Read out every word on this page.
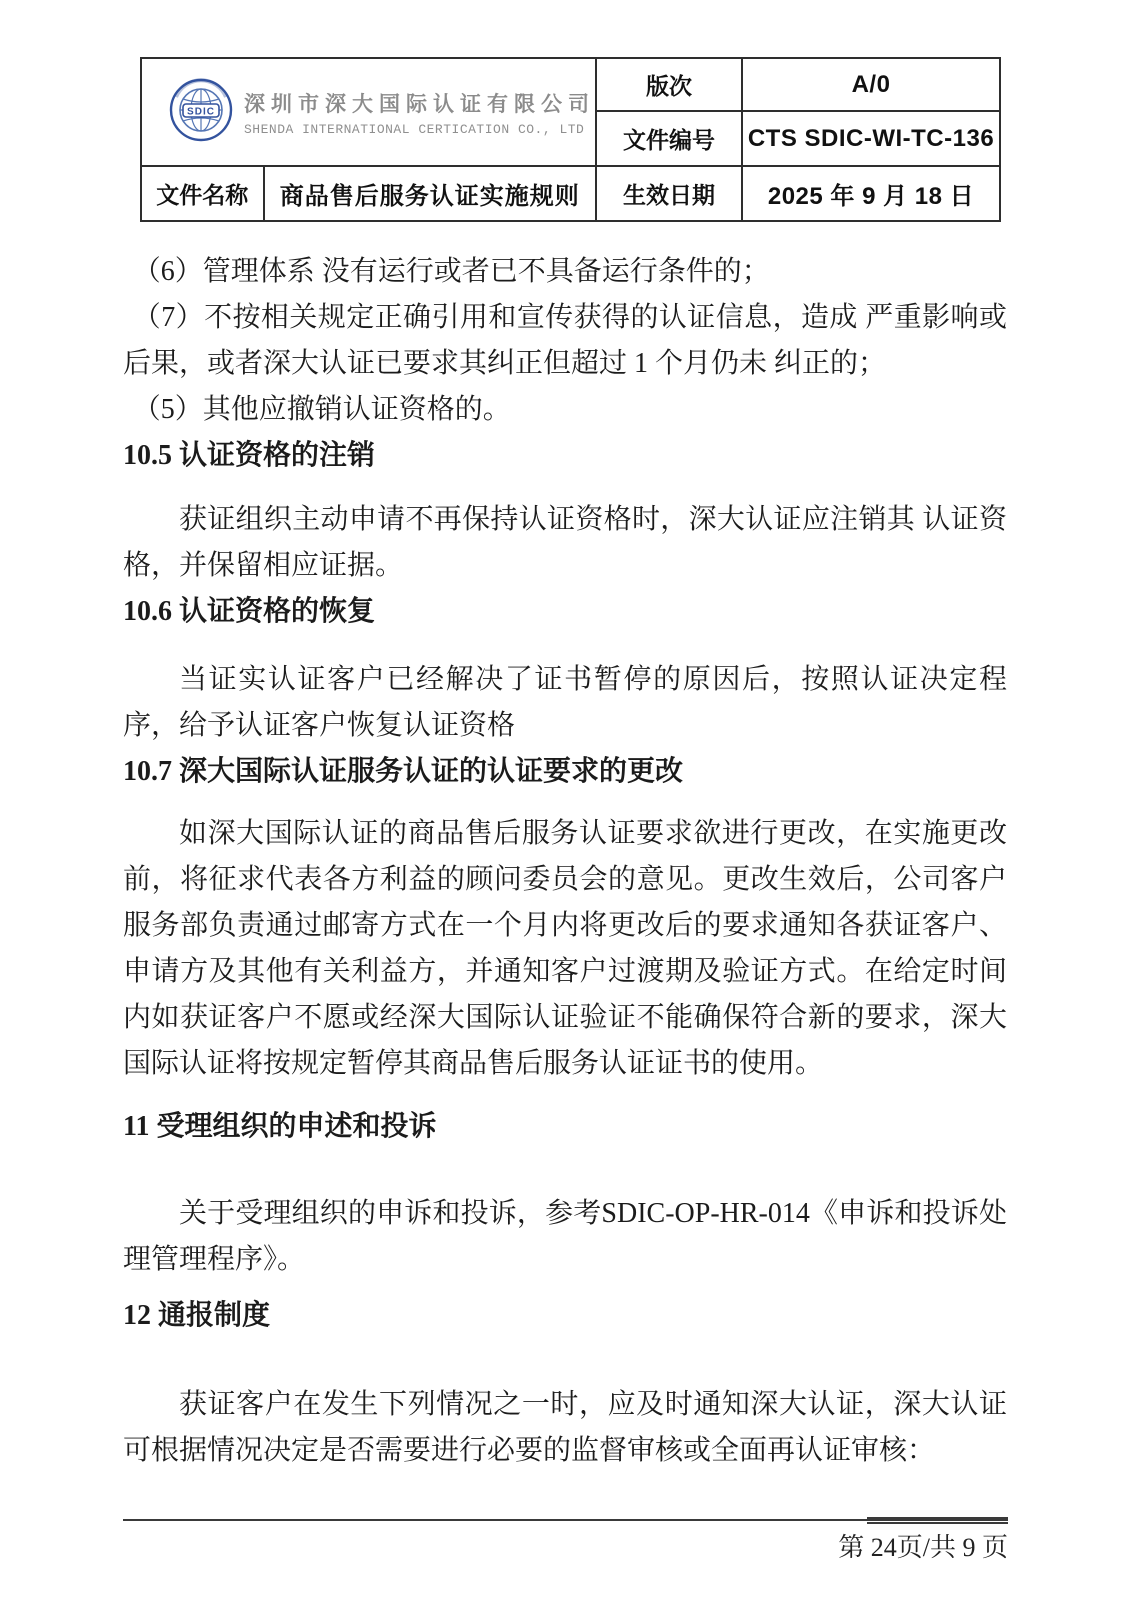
SDIC 深圳市深大国际认证有限公司
SHENDA INTERNATIONAL CERTICATION CO., LTD		版次	A/0
		文件编号	CTS SDIC-WI-TC-136
文件名称	商品售后服务认证实施规则	生效日期	2025 年 9 月 18 日

（6）管理体系 没有运行或者已不具备运行条件的；

（7）不按相关规定正确引用和宣传获得的认证信息，造成 严重影响或后果，或者深大认证已要求其纠正但超过 1 个月仍未 纠正的；

（5）其他应撤销认证资格的。

10.5 认证资格的注销

获证组织主动申请不再保持认证资格时，深大认证应注销其 认证资格，并保留相应证据。

10.6 认证资格的恢复

当证实认证客户已经解决了证书暂停的原因后，按照认证决定程序，给予认证客户恢复认证资格

10.7 深大国际认证服务认证的认证要求的更改

如深大国际认证的商品售后服务认证要求欲进行更改，在实施更改前，将征求代表各方利益的顾问委员会的意见。更改生效后，公司客户服务部负责通过邮寄方式在一个月内将更改后的要求通知各获证客户、申请方及其他有关利益方，并通知客户过渡期及验证方式。在给定时间内如获证客户不愿或经深大国际认证验证不能确保符合新的要求，深大国际认证将按规定暂停其商品售后服务认证证书的使用。

11 受理组织的申述和投诉

关于受理组织的申诉和投诉，参考SDIC-OP-HR-014《申诉和投诉处理管理程序》。

12 通报制度

获证客户在发生下列情况之一时，应及时通知深大认证，深大认证可根据情况决定是否需要进行必要的监督审核或全面再认证审核：

第 24页/共 9 页
